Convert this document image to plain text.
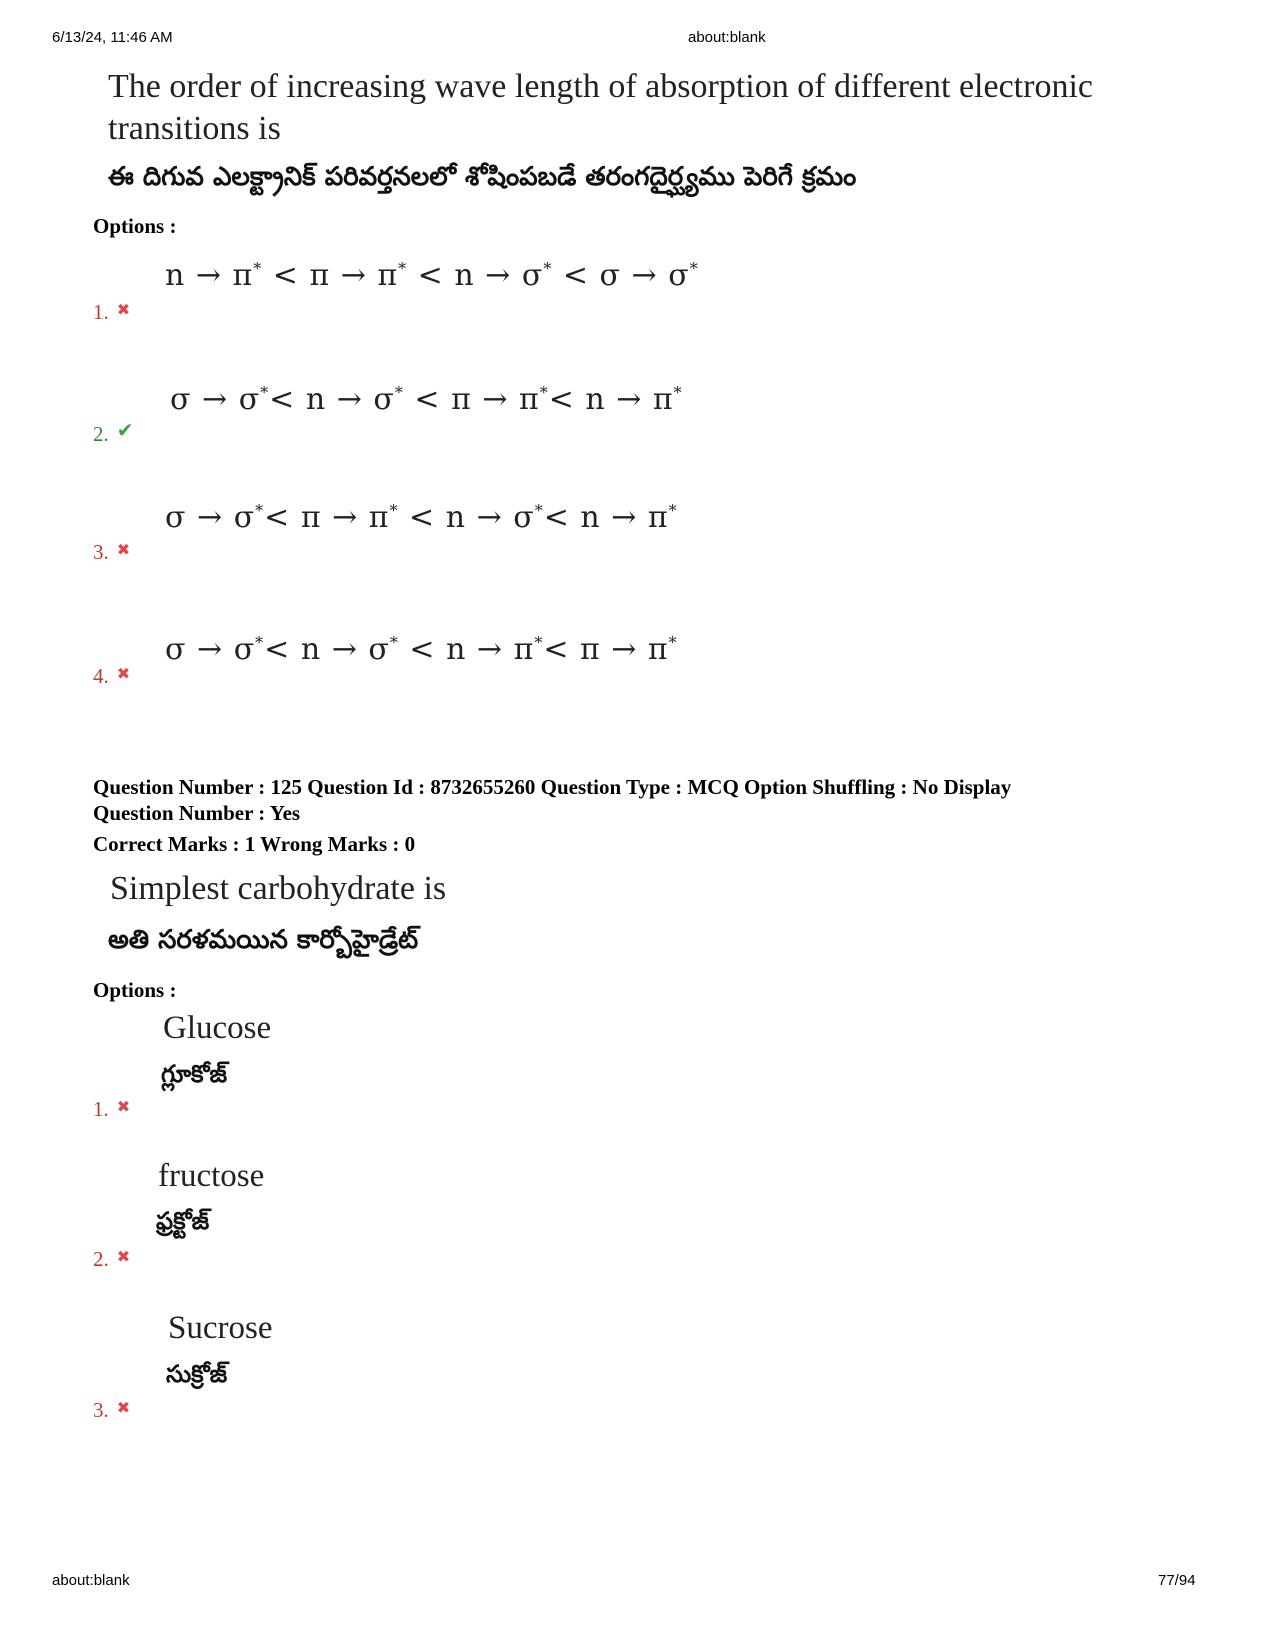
6/13/24, 11:46 AM	about:blank
The order of increasing wave length of absorption of different electronic
transitions is
ఈ దిగువ ఎలక్ట్రానిక్ పరివర్తనలలో శోషింపబడే తరంగదైర్ఘ్యము పెరిగే క్రమం
Options :
n → π* < π → π* < n → σ* < σ → σ*
1. ✖
σ → σ*< n → σ* < π → π*< n → π*
2. ✔
σ → σ*< π → π* < n → σ*< n → π*
3. ✖
σ → σ*< n → σ* < n → π*< π → π*
4. ✖
Question Number : 125 Question Id : 8732655260 Question Type : MCQ Option Shuffling : No Display
Question Number : Yes
Correct Marks : 1 Wrong Marks : 0
Simplest carbohydrate is
అతి సరళమయిన కార్బోహైడ్రేట్
Options :
Glucose
గ్లూకోజ్
1. ✖
fructose
ఫ్రక్టోజ్
2. ✖
Sucrose
సుక్రోజ్
3. ✖
about:blank	77/94
